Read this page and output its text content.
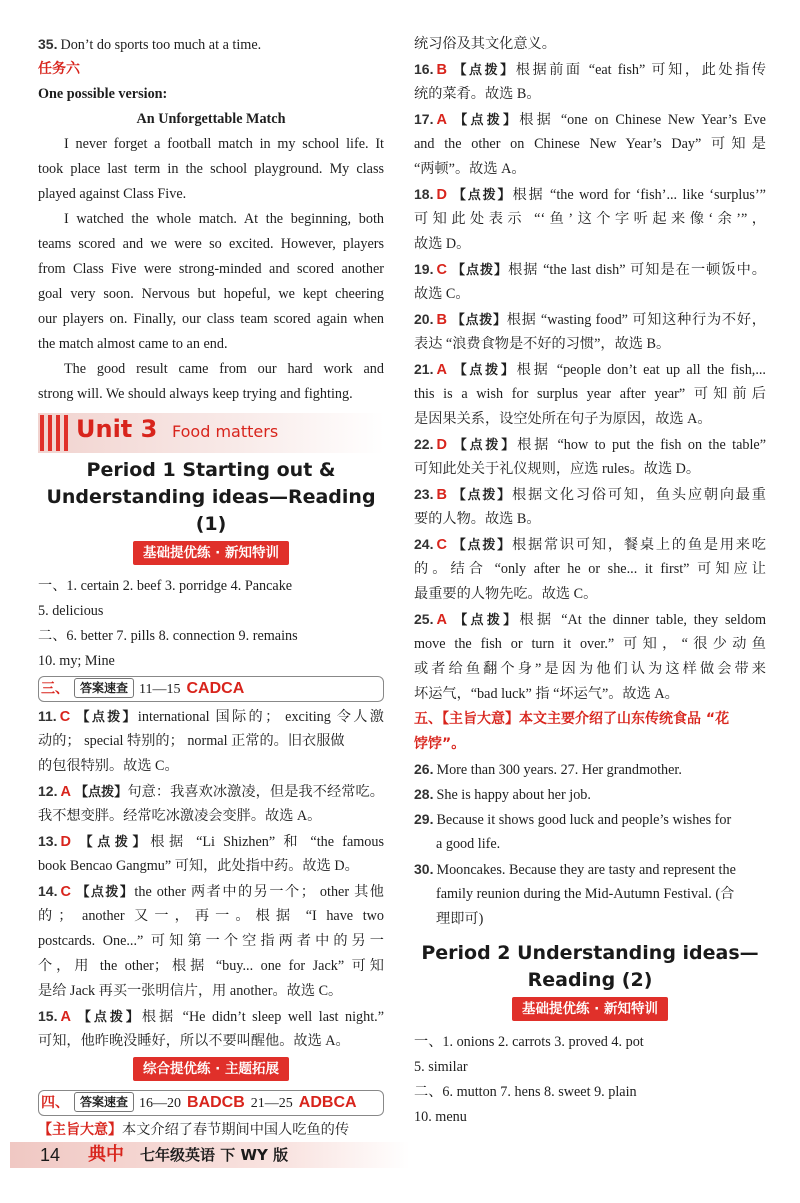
35. Don’t do sports too much at a time.
任务六
One possible version:
An Unforgettable Match
I never forget a football match in my school life. It
took place last term in the school playground. My class
played against Class Five.
I watched the whole match. At the beginning, both
teams scored and we were so excited. However, players
from Class Five were strong-minded and scored another
goal very soon. Nervous but hopeful, we kept cheering
our players on. Finally, our class team scored again when
the match almost came to an end.
The good result came from our hard work and
strong will. We should always keep trying and fighting.
Unit 3 Food matters
Period 1 Starting out &
Understanding ideas—Reading (1)
基础提优练 · 新知特训
一、1. certain 2. beef 3. porridge 4. Pancake
5. delicious
二、6. better 7. pills 8. connection 9. remains
10. my; Mine
三、 答案速查 11—15 CADCA
11. C 【点拨】international 国际的； exciting 令人激
动的； special 特别的； normal 正常的。旧衣服做
的包很特别。故选 C。
12. A 【点拨】句意：我喜欢冰激凌，但是我不经常吃。
我不想变胖。经常吃冰激凌会变胖。故选 A。
13. D 【点拨】根据 “Li Shizhen” 和 “the famous
book Bencao Gangmu” 可知，此处指中药。故选 D。
14. C 【点拨】the other 两者中的另一个； other 其他
的； another 又一，再一。根据 “I have two
postcards. One...” 可知第一个空指两者中的另一
个，用 the other；根据 “buy... one for Jack” 可知
是给 Jack 再买一张明信片，用 another。故选 C。
15. A 【点拨】根据 “He didn’t sleep well last night.”
可知，他昨晚没睡好，所以不要叫醒他。故选 A。
综合提优练 · 主题拓展
四、 答案速查 16—20 BADCB 21—25 ADBCA
【主旨大意】本文介绍了春节期间中国人吃鱼的传
统习俗及其文化意义。
16. B 【点拨】根据前面 “eat fish” 可知，此处指传
统的菜肴。故选 B。
17. A 【点拨】根据 “one on Chinese New Year’s Eve
and the other on Chinese New Year’s Day” 可知是
“两顿”。故选 A。
18. D 【点拨】根据 “the word for ‘fish’... like ‘surplus’”
可知此处表示 “‘鱼’这个字听起来像‘余’”，
故选 D。
19. C 【点拨】根据 “the last dish” 可知是在一顿饭中。
故选 C。
20. B 【点拨】根据 “wasting food” 可知这种行为不好，
表达 “浪费食物是不好的习惯”，故选 B。
21. A 【点拨】根据 “people don’t eat up all the fish,...
this is a wish for surplus year after year” 可知前后
是因果关系，设空处所在句子为原因，故选 A。
22. D 【点拨】根据 “how to put the fish on the table”
可知此处关于礼仪规则，应选 rules。故选 D。
23. B 【点拨】根据文化习俗可知，鱼头应朝向最重
要的人物。故选 B。
24. C 【点拨】根据常识可知，餐桌上的鱼是用来吃
的。结合 “only after he or she... it first” 可知应让
最重要的人物先吃。故选 C。
25. A 【点拨】根据 “At the dinner table, they seldom
move the fish or turn it over.” 可知，“很少动鱼
或者给鱼翻个身”是因为他们认为这样做会带来
坏运气，“bad luck” 指 “坏运气”。故选 A。
五、【主旨大意】本文主要介绍了山东传统食品 “花
饽饽”。
26. More than 300 years. 27. Her grandmother.
28. She is happy about her job.
29. Because it shows good luck and people’s wishes for
a good life.
30. Mooncakes. Because they are tasty and represent the
family reunion during the Mid-Autumn Festival. (合
理即可)
Period 2 Understanding ideas—
Reading (2)
基础提优练 · 新知特训
一、1. onions 2. carrots 3. proved 4. pot
5. similar
二、6. mutton 7. hens 8. sweet 9. plain
10. menu
14 典中 七年级英语 下 WY 版
